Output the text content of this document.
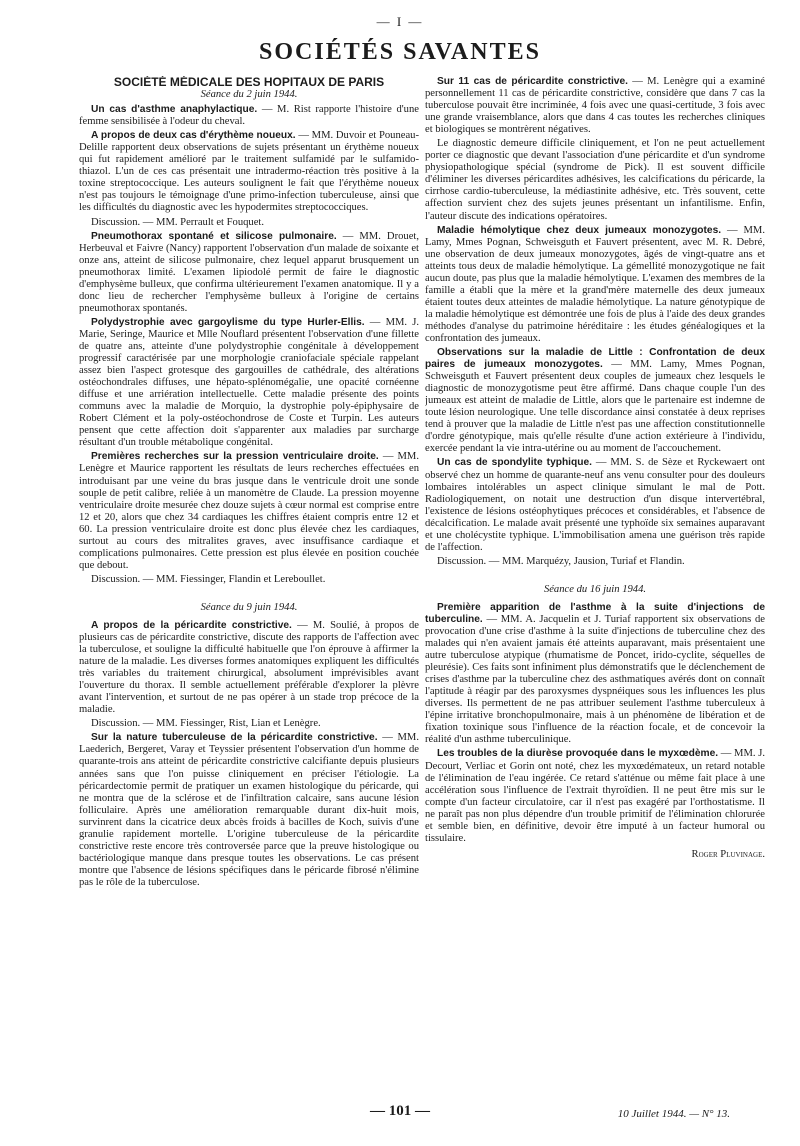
— I —
SOCIÉTÉS SAVANTES
SOCIÉTÉ MÉDICALE DES HOPITAUX DE PARIS
Séance du 2 juin 1944.

Un cas d'asthme anaphylactique. — M. Rist rapporte l'histoire d'une femme sensibilisée à l'odeur du cheval.

A propos de deux cas d'érythème noueux. — MM. Duvoir et Pouneau-Delille rapportent deux observations de sujets présentant un érythème noueux qui fut rapidement amélioré par le traitement sulfamidé par le sulfamido-thiazol. L'un de ces cas présentait une intradermo-réaction très positive à la toxine streptococcique. Les auteurs soulignent le fait que l'érythème noueux n'est pas toujours le témoignage d'une primo-infection tuberculeuse, ainsi que les difficultés du diagnostic avec les hypodermites streptococciques.

Discussion. — MM. Perrault et Fouquet.

Pneumothorax spontané et silicose pulmonaire. — MM. Drouet, Herbeuval et Faivre (Nancy) rapportent l'observation d'un malade de soixante et onze ans, atteint de silicose pulmonaire, chez lequel apparut brusquement un pneumothorax limité. L'examen lipiodolé permit de faire le diagnostic d'emphysème bulleux, que confirma ultérieurement l'examen anatomique. Il y a donc lieu de rechercher l'emphysème bulleux à l'origine de certains pneumothorax spontanés.

Polydystrophie avec gargoylisme du type Hurler-Ellis. — MM. J. Marie, Seringe, Maurice et Mlle Nouflard présentent l'observation d'une fillette de quatre ans, atteinte d'une polydystrophie congénitale à développement progressif caractérisée par une morphologie craniofaciale spéciale rappelant assez bien l'aspect grotesque des gargouilles de cathédrale, des altérations ostéochondrales diffuses, une hépato-splénomégalie, une opacité cornéenne diffuse et une arriération intellectuelle. Cette maladie présente des points communs avec la maladie de Morquio, la dystrophie poly-épiphysaire de Robert Clément et la poly-ostéochondrose de Coste et Turpin. Les auteurs pensent que cette affection doit s'apparenter aux maladies par surcharge résultant d'un trouble métabolique congénital.

Premières recherches sur la pression ventriculaire droite. — MM. Lenègre et Maurice rapportent les résultats de leurs recherches effectuées en introduisant par une veine du bras jusque dans le ventricule droit une sonde souple de petit calibre, reliée à un manomètre de Claude. La pression moyenne ventriculaire droite mesurée chez douze sujets à cœur normal est comprise entre 12 et 20, alors que chez 34 cardiaques les chiffres étaient compris entre 12 et 60. La pression ventriculaire droite est donc plus élevée chez les cardiaques, surtout au cours des mitralites graves, avec insuffisance cardiaque et complications pulmonaires. Cette pression est plus élevée en position couchée que debout.

Discussion. — MM. Fiessinger, Flandin et Lereboullet.

Séance du 9 juin 1944.

A propos de la péricardite constrictive. — M. Soulié, à propos de plusieurs cas de péricardite constrictive, discute des rapports de l'affection avec la tuberculose, et souligne la difficulté habituelle que l'on éprouve à affirmer la nature de la maladie. Les diverses formes anatomiques expliquent les difficultés très variables du traitement chirurgical, absolument imprévisibles avant l'ouverture du thorax. Il semble actuellement préférable d'explorer la plèvre avant l'intervention, et surtout de ne pas opérer à un stade trop précoce de la maladie.

Discussion. — MM. Fiessinger, Rist, Lian et Lenègre.

Sur la nature tuberculeuse de la péricardite constrictive. — MM. Laederich, Bergeret, Varay et Teyssier présentent l'observation d'un homme de quarante-trois ans atteint de péricardite constrictive calcifiante depuis plusieurs années sans que l'on puisse cliniquement en préciser l'étiologie. La péricardectomie permit de pratiquer un examen histologique du péricarde, qui ne montra que de la sclérose et de l'infiltration calcaire, sans aucune lésion folliculaire. Après une amélioration remarquable durant dix-huit mois, survinrent dans la cicatrice deux abcès froids à bacilles de Koch, suivis d'une granulie rapidement mortelle. L'origine tuberculeuse de la péricardite constrictive reste encore très controversée parce que la preuve histologique ou bactériologique manque dans presque toutes les observations. Le cas présent montre que l'absence de lésions spécifiques dans le péricarde fibrosé n'élimine pas le rôle de la tuberculose.

Sur 11 cas de péricardite constrictive. — M. Lenègre qui a examiné personnellement 11 cas de péricardite constrictive, considère que dans 7 cas la tuberculose pouvait être incriminée, 4 fois avec une quasi-certitude, 3 fois avec une grande vraisemblance, alors que dans 4 cas toutes les recherches cliniques et biologiques se montrèrent négatives.

Le diagnostic demeure difficile cliniquement, et l'on ne peut actuellement porter ce diagnostic que devant l'association d'une péricardite et d'un syndrome physiopathologique spécial (syndrome de Pick). Il est souvent difficile d'éliminer les diverses péricardites adhésives, les calcifications du péricarde, la cirrhose cardio-tuberculeuse, la médiastinite adhésive, etc. Très souvent, cette affection survient chez des sujets jeunes présentant un infantilisme. Enfin, l'auteur discute des indications opératoires.

Maladie hémolytique chez deux jumeaux monozygotes. — MM. Lamy, Mmes Pognan, Schweisguth et Fauvert présentent, avec M. R. Debré, une observation de deux jumeaux monozygotes, âgés de vingt-quatre ans et atteints tous deux de maladie hémolytique. La gémellité monozygotique ne fait aucun doute, pas plus que la maladie hémolytique. L'examen des membres de la famille a établi que la mère et la grand'mère maternelle des deux jumeaux étaient toutes deux atteintes de maladie hémolytique. La nature génotypique de la maladie hémolytique est démontrée une fois de plus à l'aide des deux grandes méthodes d'analyse du patrimoine héréditaire : les études généalogiques et la confrontation des jumeaux.

Observations sur la maladie de Little : Confrontation de deux paires de jumeaux monozygotes. — MM. Lamy, Mmes Pognan, Schweisguth et Fauvert présentent deux couples de jumeaux chez lesquels le diagnostic de monozygotisme peut être affirmé. Dans chaque couple l'un des jumeaux est atteint de maladie de Little, alors que le partenaire est indemne de toute lésion neurologique. Une telle discordance ainsi constatée à deux reprises tend à prouver que la maladie de Little n'est pas une affection constitutionnelle d'ordre génotypique, mais qu'elle résulte d'une action extérieure à l'individu, exercée pendant la vie intra-utérine ou au moment de l'accouchement.

Un cas de spondylite typhique. — MM. S. de Sèze et Ryckewaert ont observé chez un homme de quarante-neuf ans venu consulter pour des douleurs lombaires intolérables un aspect clinique simulant le mal de Pott. Radiologiquement, on notait une destruction d'un disque intervertébral, l'existence de lésions ostéophytiques précoces et considérables, et l'absence de décalcification. Le malade avait présenté une typhoïde six semaines auparavant et une cholécystite typhique. L'immobilisation amena une guérison très rapide de l'affection.

Discussion. — MM. Marquézy, Jausion, Turiaf et Flandin.

Séance du 16 juin 1944.

Première apparition de l'asthme à la suite d'injections de tuberculine. — MM. A. Jacquelin et J. Turiaf rapportent six observations de provocation d'une crise d'asthme à la suite d'injections de tuberculine chez des malades qui n'en avaient jamais été atteints auparavant, mais présentaient une autre tuberculose atypique (rhumatisme de Poncet, irido-cyclite, séquelles de pleurésie). Ces faits sont infiniment plus démonstratifs que le déclenchement de crises d'asthme par la tuberculine chez des asthmatiques avérés dont on connaît l'aptitude à réagir par des paroxysmes dyspnéiques sous les influences les plus diverses. Ils permettent de ne pas attribuer seulement l'asthme tuberculeux à l'épine irritative bronchopulmonaire, mais à un phénomène de libération et de fixation toxinique sous l'influence de la réaction focale, et de concevoir la réalité d'un asthme tuberculinique.

Les troubles de la diurèse provoquée dans le myxœdème. — MM. J. Decourt, Verliac et Gorin ont noté, chez les myxœdémateux, un retard notable de l'élimination de l'eau ingérée. Ce retard s'atténue ou même fait place à une accélération sous l'influence de l'extrait thyroïdien. Il ne peut être mis sur le compte d'un facteur circulatoire, car il n'est pas exagéré par l'orthostatisme. Il ne paraît pas non plus dépendre d'un trouble primitif de l'élimination chlorurée et semble bien, en définitive, devoir être imputé à un facteur humoral ou tissulaire.

Roger Pluvinage.
— 101 —	10 Juillet 1944. — N° 13.
